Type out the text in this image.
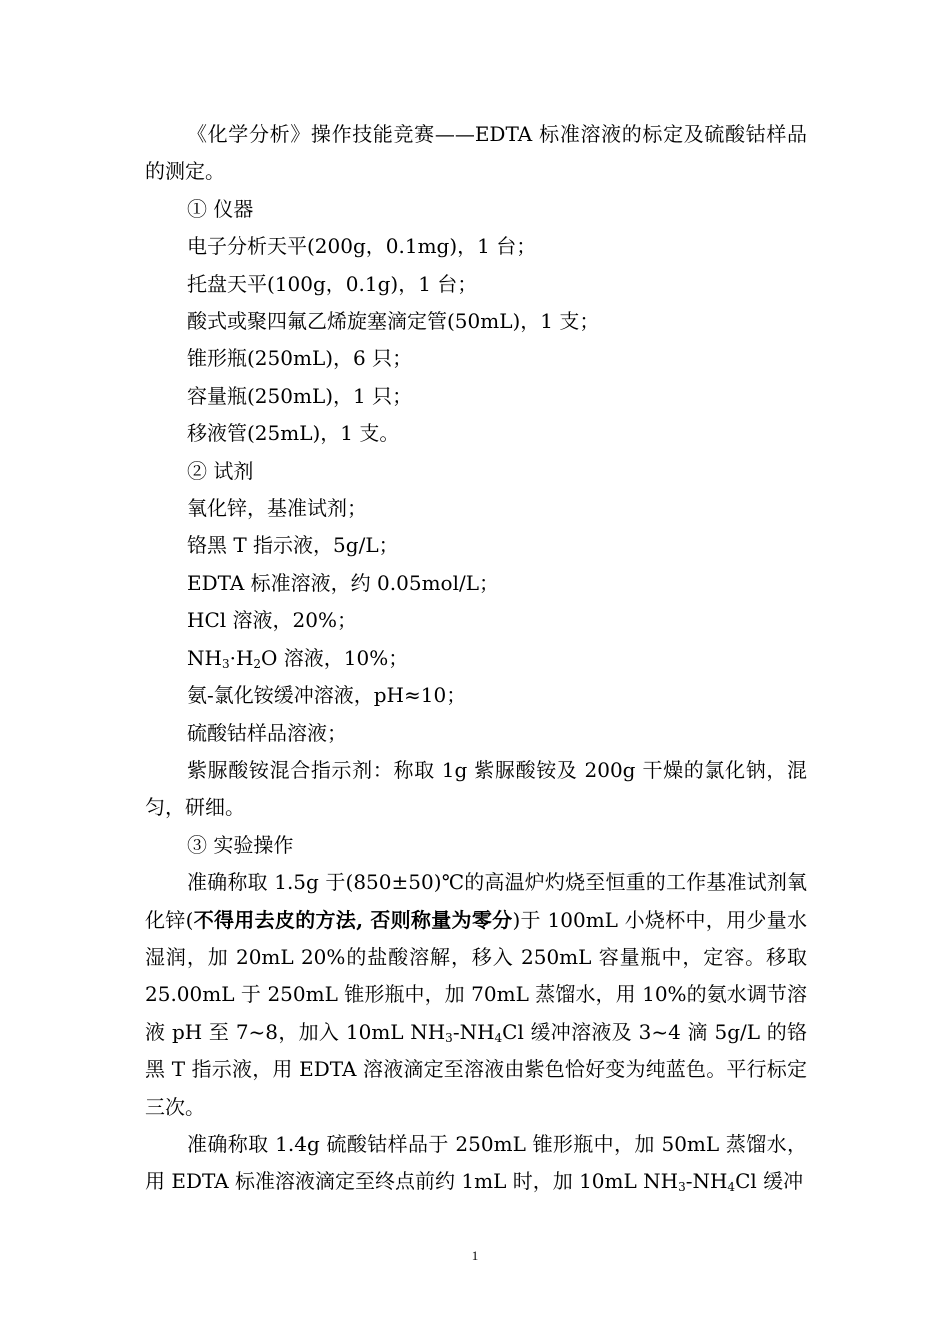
《化学分析》操作技能竞赛——EDTA 标准溶液的标定及硫酸钴样品的测定。

① 仪器

电子分析天平(200g，0.1mg)，1 台；

托盘天平(100g，0.1g)，1 台；

酸式或聚四氟乙烯旋塞滴定管(50mL)，1 支；

锥形瓶(250mL)，6 只；

容量瓶(250mL)，1 只；

移液管(25mL)，1 支。

② 试剂

氧化锌，基准试剂；

铬黑 T 指示液，5g/L；

EDTA 标准溶液，约 0.05mol/L；

HCl 溶液，20%；

$NH_3\cdot H_2O$ 溶液，10%；

氨-氯化铵缓冲溶液，pH≈10；

硫酸钴样品溶液；

紫脲酸铵混合指示剂：称取 1g 紫脲酸铵及 200g 干燥的氯化钠，混匀，研细。

③ 实验操作

准确称取 1.5g 于(850±50)℃的高温炉灼烧至恒重的工作基准试剂氧化锌(不得用去皮的方法, 否则称量为零分)于 100mL 小烧杯中，用少量水湿润，加 20mL 20%的盐酸溶解，移入 250mL 容量瓶中，定容。移取 25.00mL 于 250mL 锥形瓶中，加 70mL 蒸馏水，用 10%的氨水调节溶液 pH 至 7~8，加入 10mL $NH_3-NH_4Cl$ 缓冲溶液及 3~4 滴 5g/L 的铬黑 T 指示液，用 EDTA 溶液滴定至溶液由紫色恰好变为纯蓝色。平行标定三次。

准确称取 1.4g 硫酸钴样品于 250mL 锥形瓶中，加 50mL 蒸馏水，用 EDTA 标准溶液滴定至终点前约 1mL 时，加 10mL $NH_3-NH_4Cl$ 缓冲

1
